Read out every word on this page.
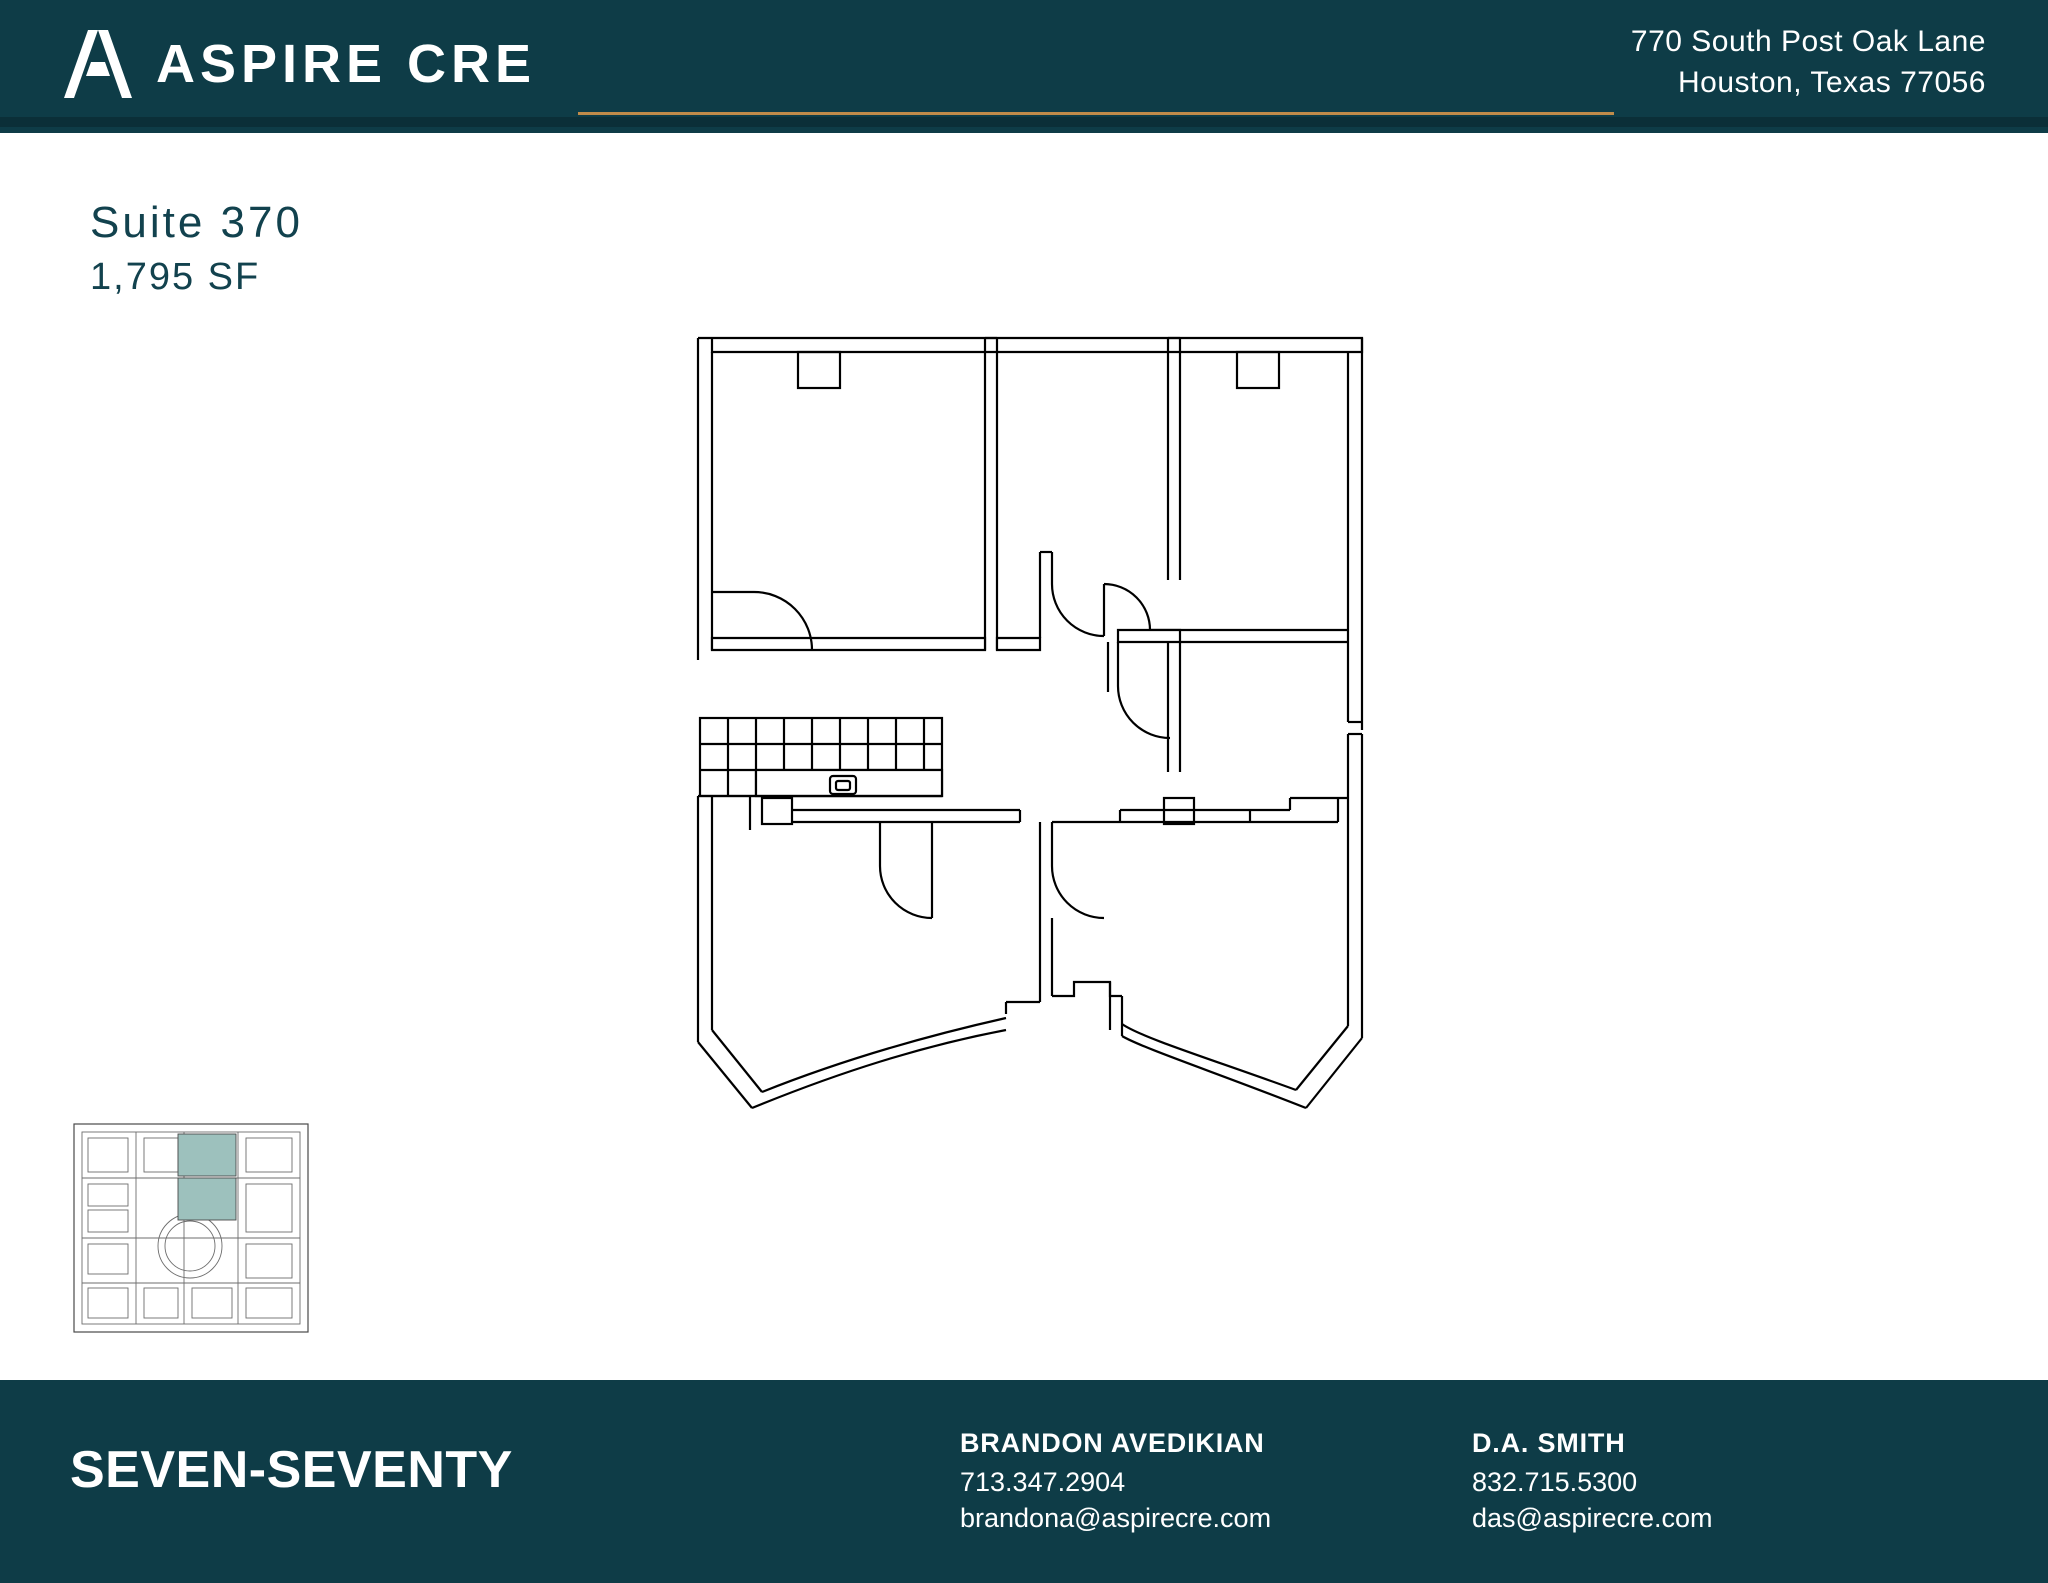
ASPIRE CRE	770 South Post Oak Lane
Houston, Texas 77056
Suite 370
1,795 SF
SEVEN-SEVENTY	BRANDON AVEDIKIAN
713.347.2904
brandona@aspirecre.com
D.A. SMITH
832.715.5300
das@aspirecre.com
